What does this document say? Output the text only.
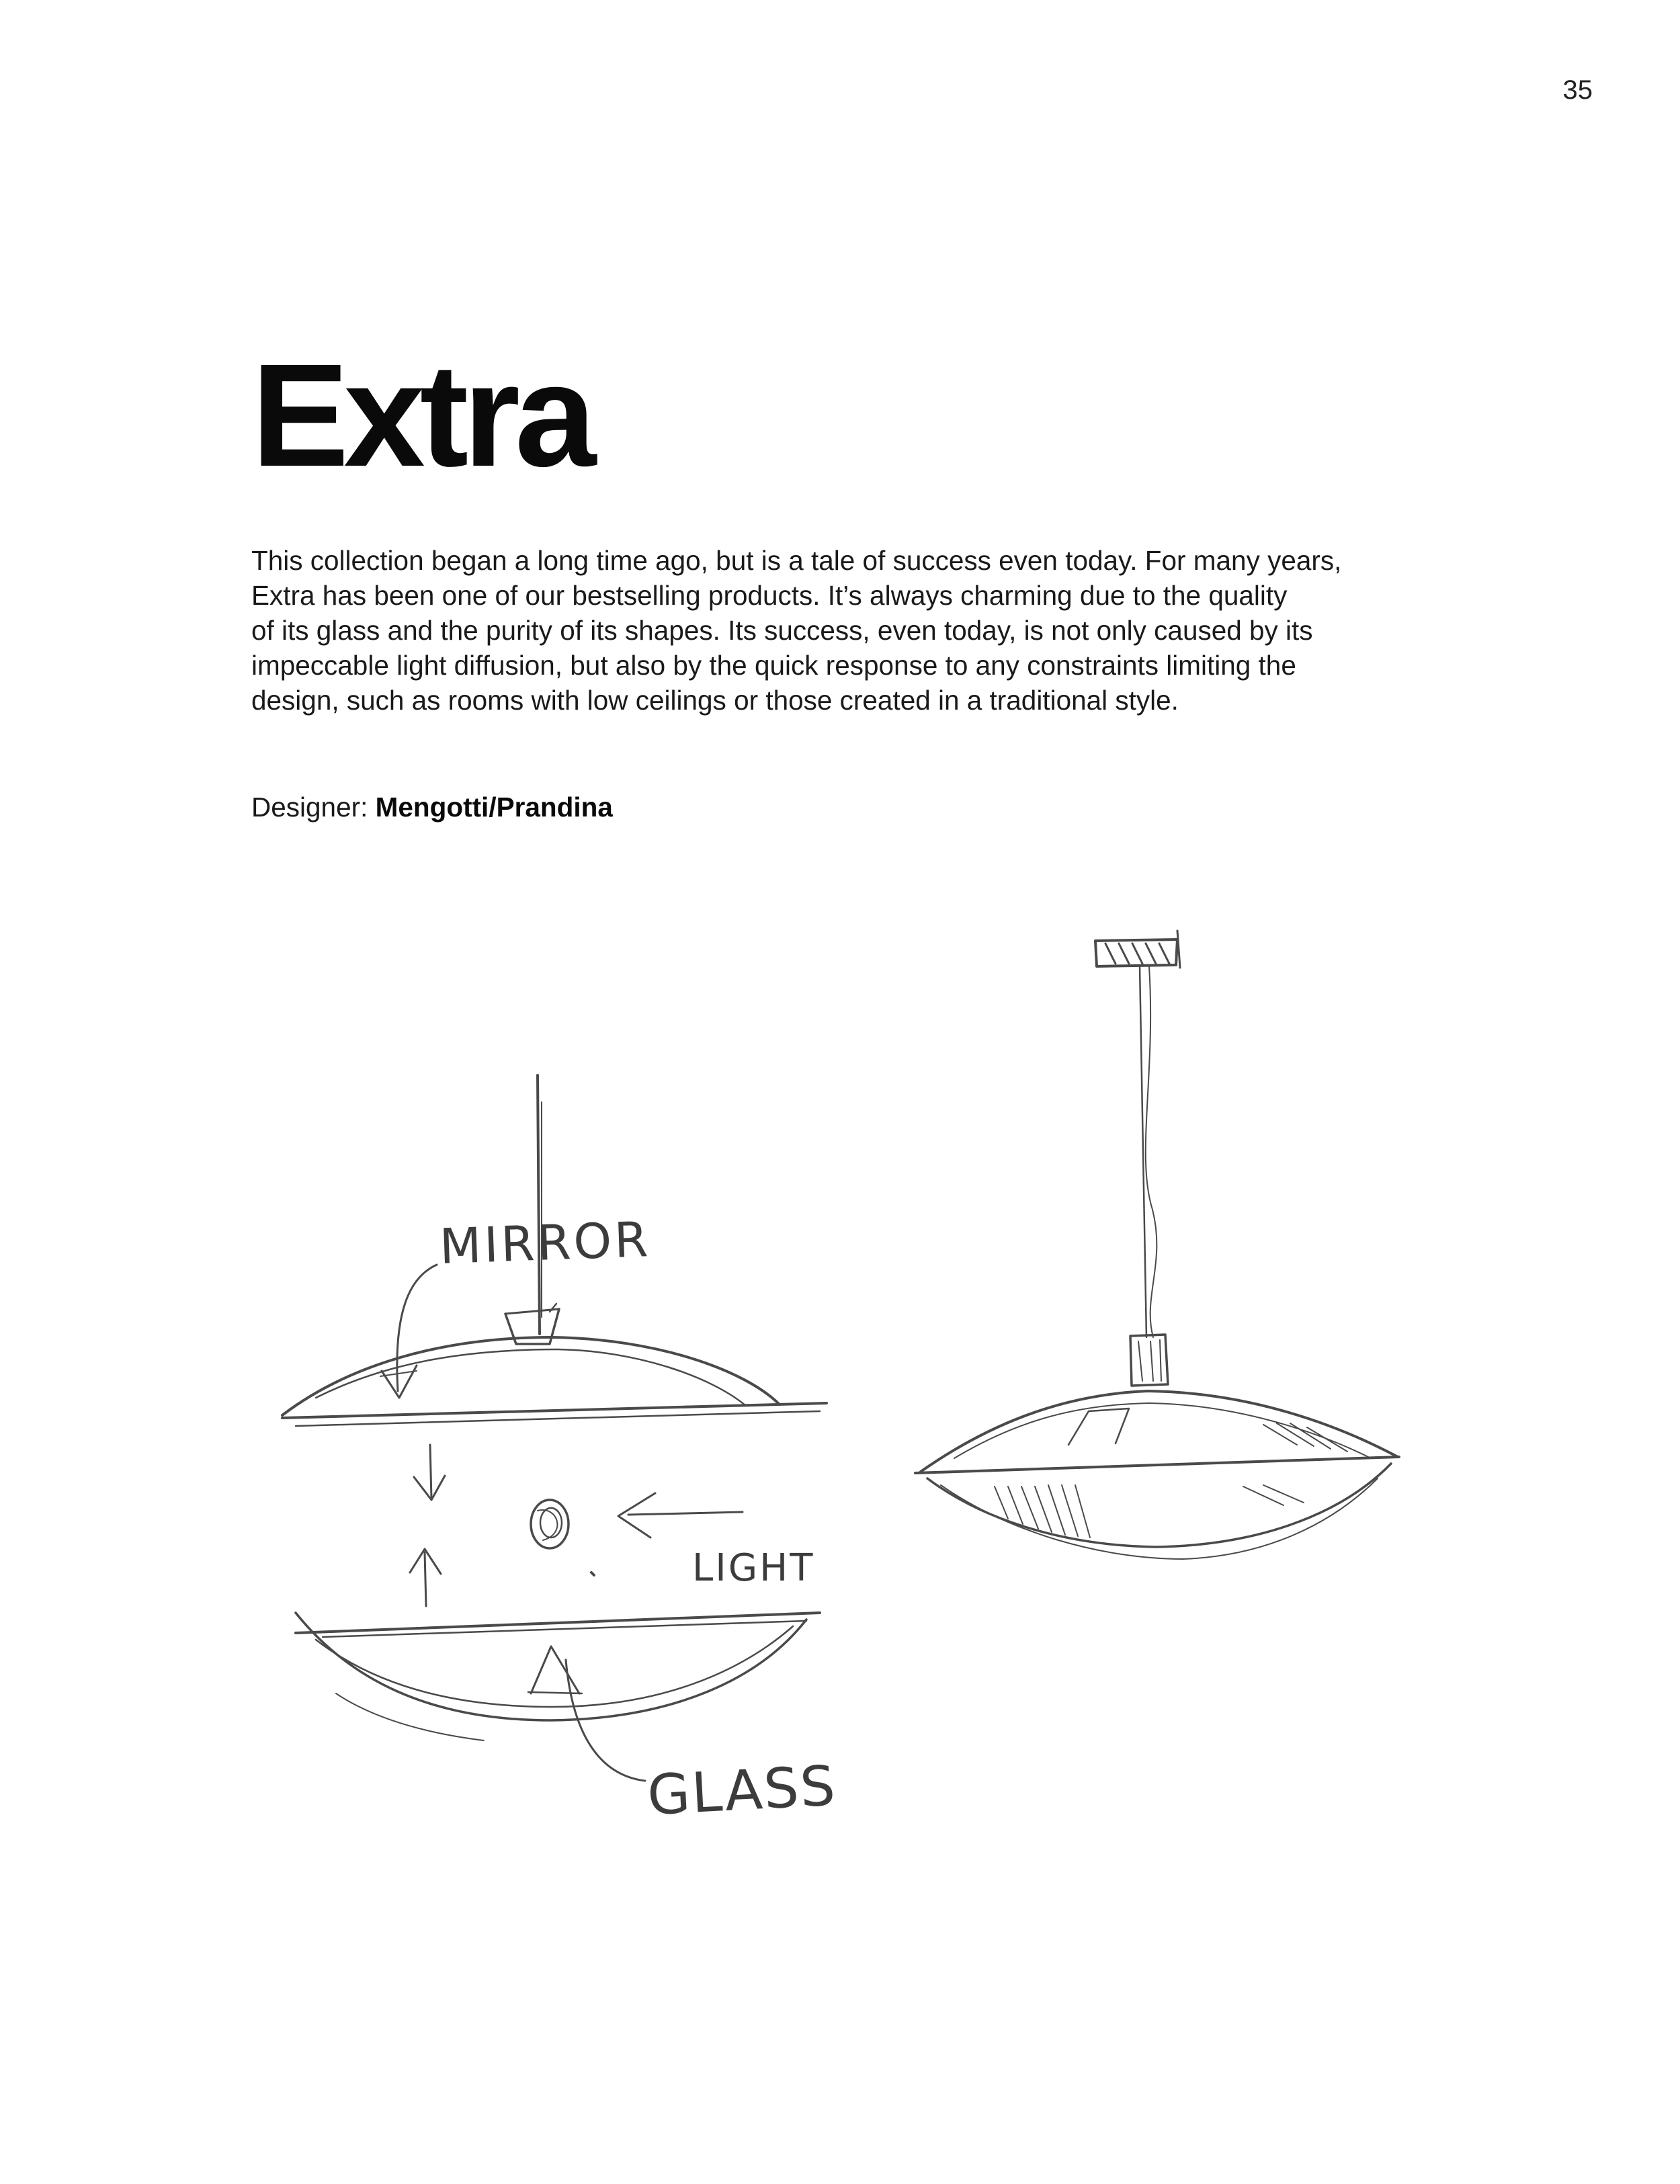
35
Extra

This collection began a long time ago, but is a tale of success even today. For many years,
Extra has been one of our bestselling products. It’s always charming due to the quality
of its glass and the purity of its shapes. Its success, even today, is not only caused by its
impeccable light diffusion, but also by the quick response to any constraints limiting the
design, such as rooms with low ceilings or those created in a traditional style.

Designer: Mengotti/Prandina

MIRROR
LIGHT
GLASS
